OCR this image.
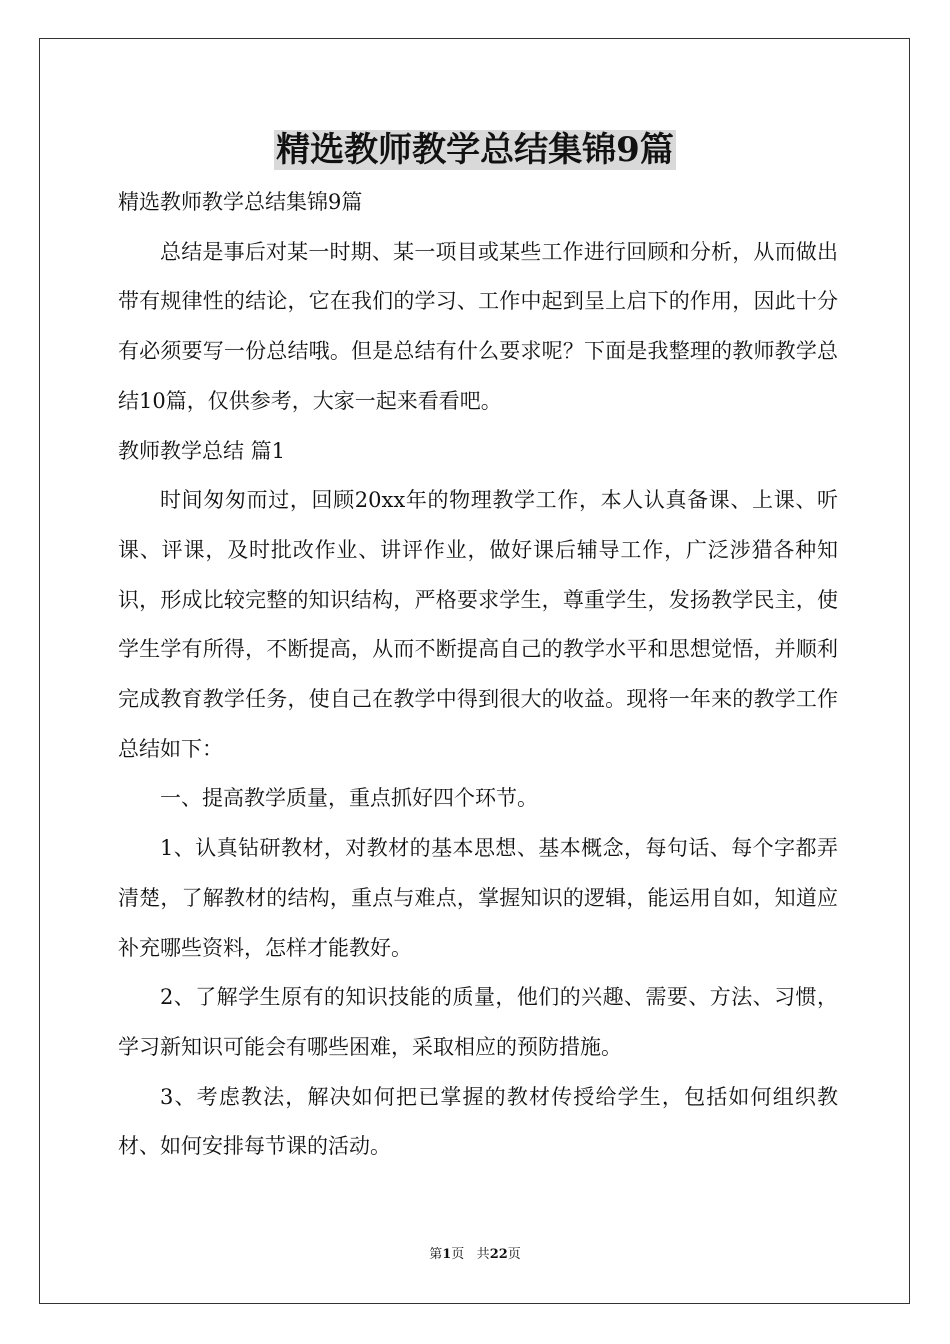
精选教师教学总结集锦9篇

精选教师教学总结集锦9篇

总结是事后对某一时期、某一项目或某些工作进行回顾和分析，从而做出带有规律性的结论，它在我们的学习、工作中起到呈上启下的作用，因此十分有必须要写一份总结哦。但是总结有什么要求呢？下面是我整理的教师教学总结10篇，仅供参考，大家一起来看看吧。

教师教学总结 篇1

时间匆匆而过，回顾20xx年的物理教学工作，本人认真备课、上课、听课、评课，及时批改作业、讲评作业，做好课后辅导工作，广泛涉猎各种知识，形成比较完整的知识结构，严格要求学生，尊重学生，发扬教学民主，使学生学有所得，不断提高，从而不断提高自己的教学水平和思想觉悟，并顺利完成教育教学任务，使自己在教学中得到很大的收益。现将一年来的教学工作总结如下：

一、提高教学质量，重点抓好四个环节。

1、认真钻研教材，对教材的基本思想、基本概念，每句话、每个字都弄清楚，了解教材的结构，重点与难点，掌握知识的逻辑，能运用自如，知道应补充哪些资料，怎样才能教好。

2、了解学生原有的知识技能的质量，他们的兴趣、需要、方法、习惯，学习新知识可能会有哪些困难，采取相应的预防措施。

3、考虑教法，解决如何把已掌握的教材传授给学生，包括如何组织教材、如何安排每节课的活动。

第1页 共22页
